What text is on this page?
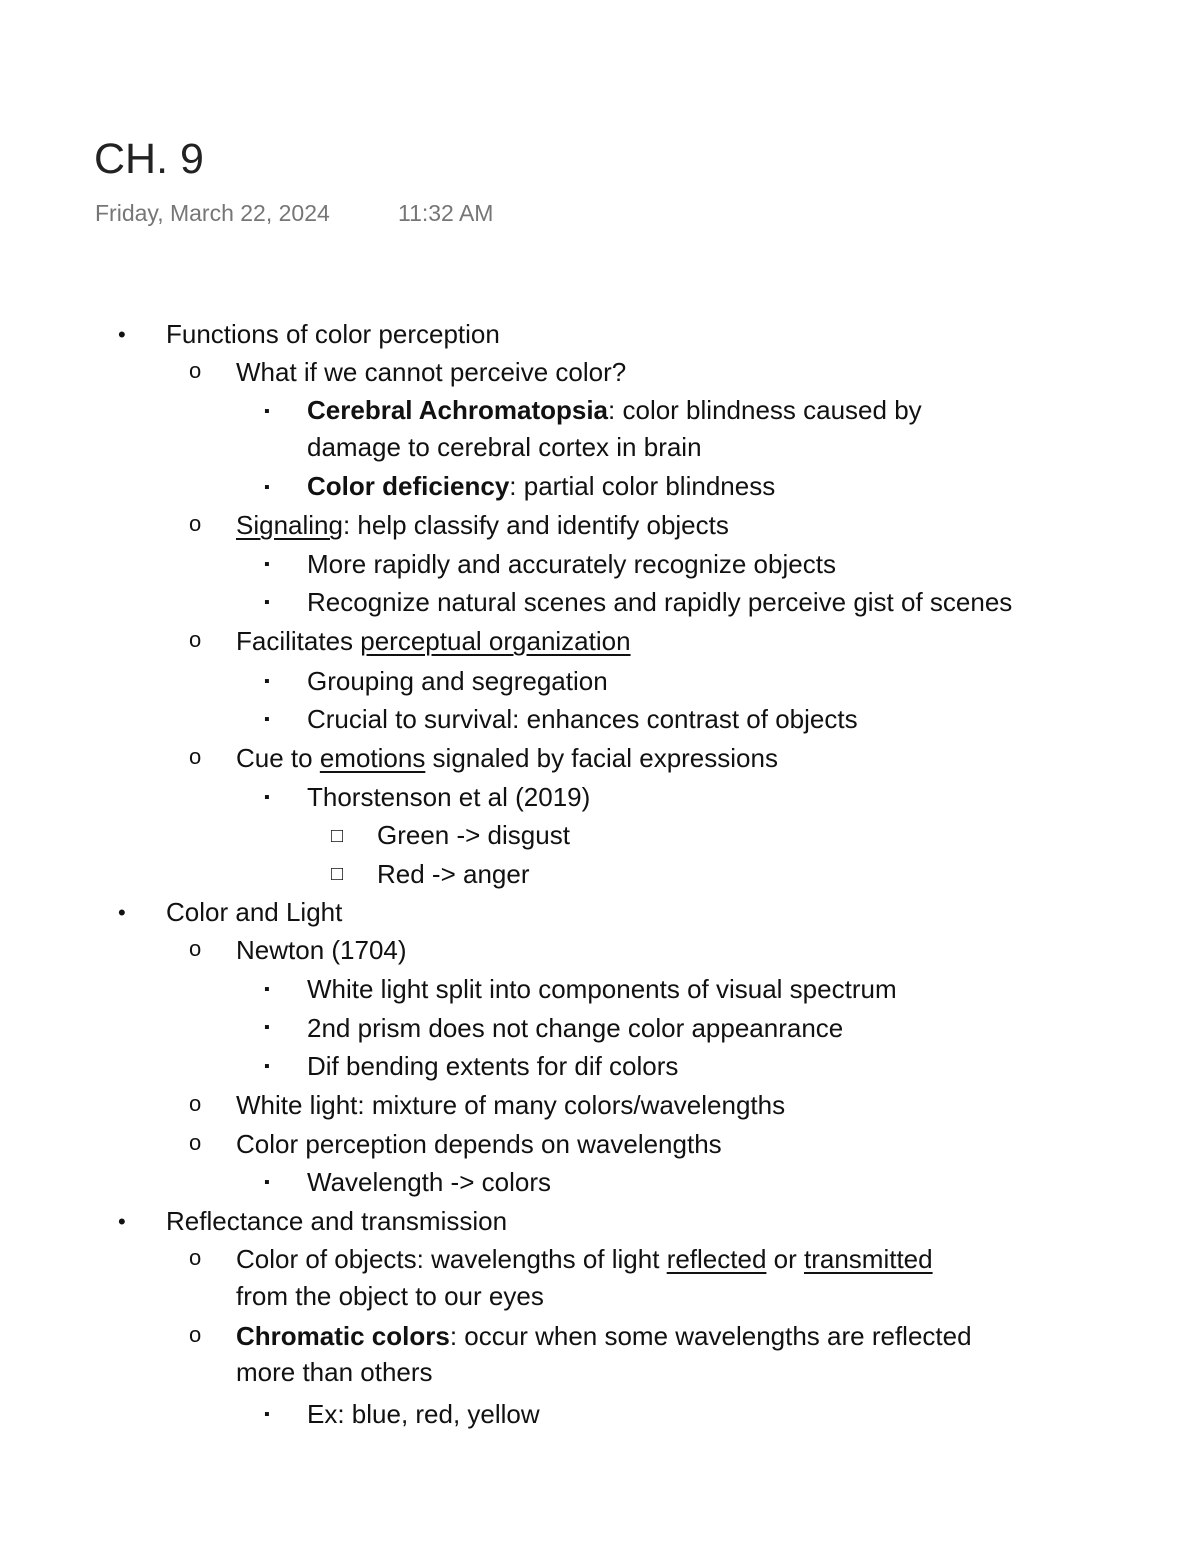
CH. 9
Friday, March 22, 2024	11:32 AM
• Functions of color perception
o What if we cannot perceive color?
▪ Cerebral Achromatopsia: color blindness caused by
damage to cerebral cortex in brain
▪ Color deficiency: partial color blindness
o Signaling: help classify and identify objects
▪ More rapidly and accurately recognize objects
▪ Recognize natural scenes and rapidly perceive gist of scenes
o Facilitates perceptual organization
▪ Grouping and segregation
▪ Crucial to survival: enhances contrast of objects
o Cue to emotions signaled by facial expressions
▪ Thorstenson et al (2019)
□ Green -> disgust
□ Red -> anger
• Color and Light
o Newton (1704)
▪ White light split into components of visual spectrum
▪ 2nd prism does not change color appeanrance
▪ Dif bending extents for dif colors
o White light: mixture of many colors/wavelengths
o Color perception depends on wavelengths
▪ Wavelength -> colors
• Reflectance and transmission
o Color of objects: wavelengths of light reflected or transmitted
from the object to our eyes
o Chromatic colors: occur when some wavelengths are reflected
more than others
▪ Ex: blue, red, yellow
